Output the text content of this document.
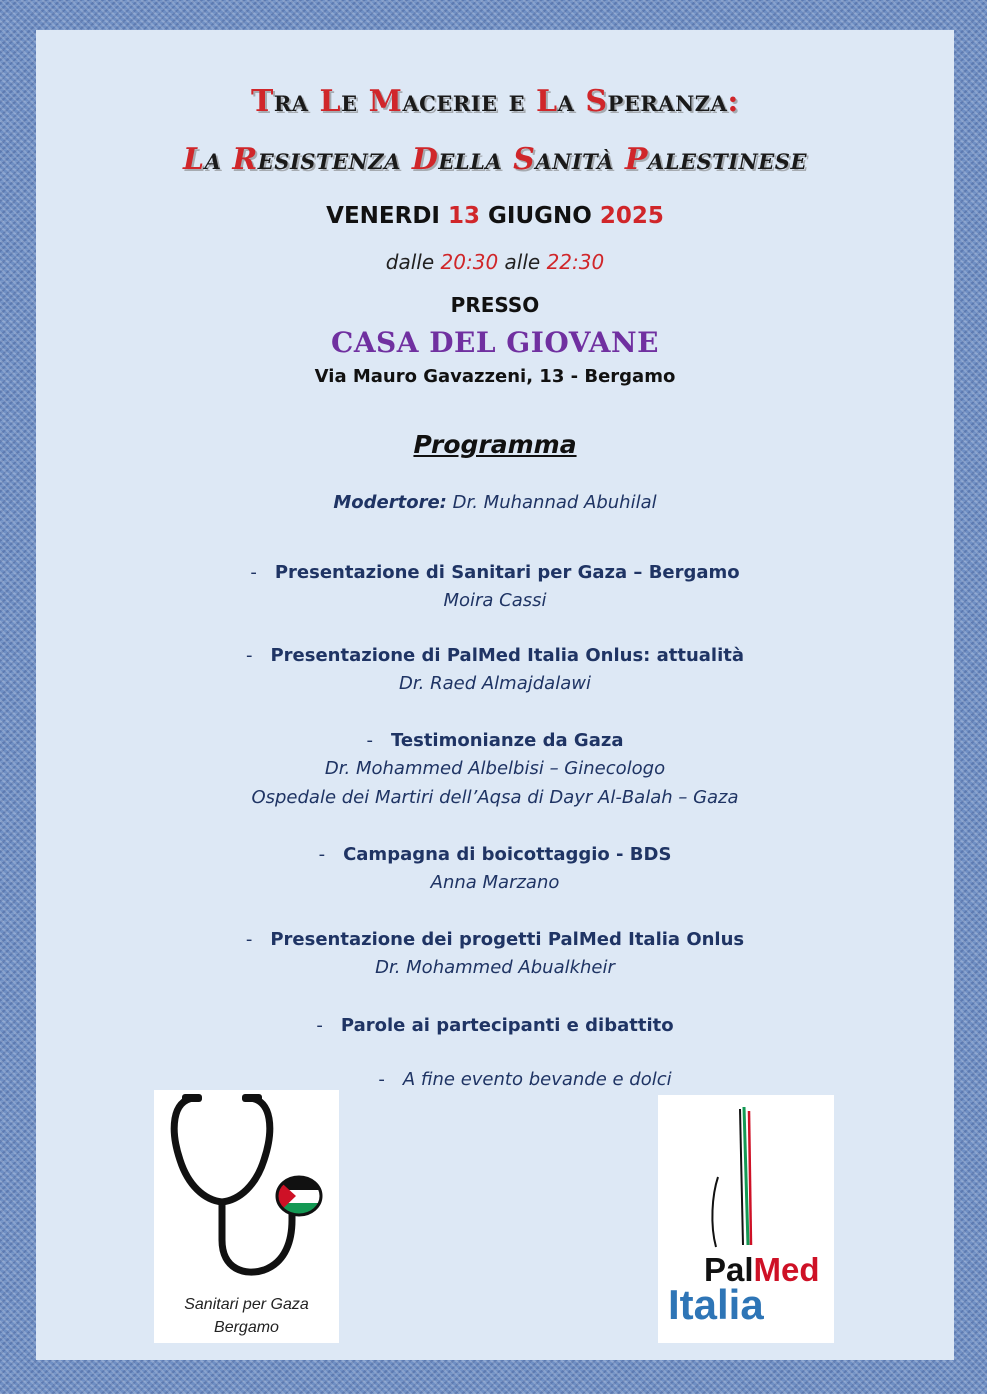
Tra Le Macerie e La Speranza:
La Resistenza Della Sanità Palestinese
VENERDI 13 GIUGNO 2025
dalle 20:30 alle 22:30
PRESSO
CASA DEL GIOVANE
Via Mauro Gavazzeni, 13 - Bergamo
Programma
Modertore: Dr. Muhannad Abuhilal
- Presentazione di Sanitari per Gaza – Bergamo
Moira Cassi
- Presentazione di PalMed Italia Onlus: attualità
Dr. Raed Almajdalawi
- Testimonianze da Gaza
Dr. Mohammed Albelbisi – Ginecologo
Ospedale dei Martiri dell’Aqsa di Dayr Al-Balah – Gaza
- Campagna di boicottaggio - BDS
Anna Marzano
- Presentazione dei progetti PalMed Italia Onlus
Dr. Mohammed Abualkheir
- Parole ai partecipanti e dibattito
- A fine evento bevande e dolci
Sanitari per Gaza
Bergamo
PalMed
Italia
